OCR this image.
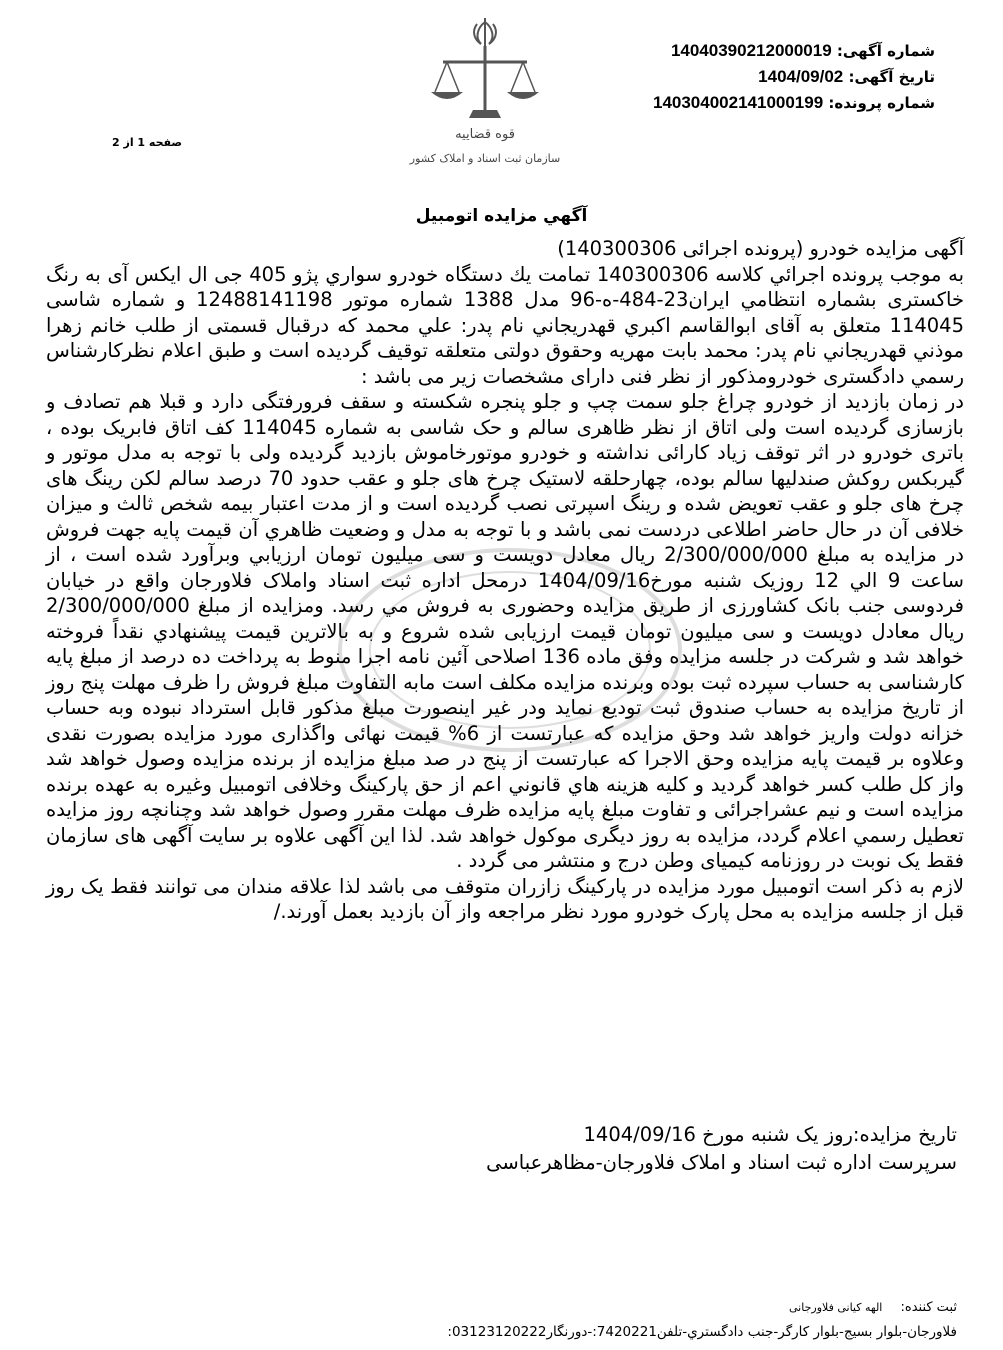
شماره آگهی: 14040390212000019
تاریخ آگهی: 1404/09/02
شماره پرونده: 140304002141000199
قوه قضاییه
سازمان ثبت اسناد و املاک کشور
صفحه 1 از 2
آگهي مزايده اتومبيل

آگهی مزايده خودرو (پرونده اجرائی 140300306)

به موجب پرونده اجرائي كلاسه 140300306 تمامت يك دستگاه خودرو سواري پژو 405 جی ال ایکس آی به رنگ خاکستری بشماره انتظامي ايران23-484-ه-96 مدل 1388 شماره موتور 12488141198 و شماره شاسی 114045 متعلق به آقای ابوالقاسم اكبري قهدريجاني نام پدر: علي محمد كه درقبال قسمتی از طلب خانم زهرا موذني قهدريجاني نام پدر: محمد بابت مهريه وحقوق دولتی متعلقه توقيف گرديده است و طبق اعلام نظركارشناس رسمي دادگستری خودرومذکور از نظر فنی دارای مشخصات زیر می باشد :

در زمان بازدید از خودرو چراغ جلو سمت چپ و جلو پنجره شکسته و سقف فرورفتگی دارد و قبلا هم تصادف و بازسازی گردیده است ولی اتاق از نظر ظاهری سالم و حک شاسی به شماره 114045 کف اتاق فابریک بوده ، باتری خودرو در اثر توقف زیاد کارائی نداشته و خودرو موتورخاموش بازدید گردیده ولی با توجه به مدل موتور و گیربکس روکش صندلیها سالم بوده، چهارحلقه لاستیک چرخ های جلو و عقب حدود 70 درصد سالم لکن رینگ های چرخ های جلو و عقب تعویض شده و رینگ اسپرتی نصب گردیده است و از مدت اعتبار بیمه شخص ثالث و میزان خلافی آن در حال حاضر اطلاعی دردست نمی باشد و با توجه به مدل و وضعيت ظاهري آن قيمت پايه جهت فروش در مزايده به مبلغ 2/300/000/000 ريال معادل دويست و سی میلیون تومان ارزيابي وبرآورد شده است ، از ساعت 9 الي 12 روزیک شنبه مورخ1404/09/16 درمحل اداره ثبت اسناد واملاک فلاورجان واقع در خیابان فردوسی جنب بانک کشاورزی از طريق مزايده وحضوری به فروش مي رسد. ومزايده از مبلغ 2/300/000/000 ريال معادل دويست و سی میلیون تومان قيمت ارزيابی شده شروع و به بالاترين قيمت پيشنهادي نقداً فروخته خواهد شد و شرکت در جلسه مزایده وفق ماده 136 اصلاحی آئین نامه اجرا منوط به پرداخت ده درصد از مبلغ پایه کارشناسی به حساب سپرده ثبت بوده وبرنده مزایده مکلف است مابه التفاوت مبلغ فروش را ظرف مهلت پنج روز از تاریخ مزایده به حساب صندوق ثبت تودیع نماید ودر غیر اینصورت مبلغ مذکور قابل استرداد نبوده وبه حساب خزانه دولت واریز خواهد شد وحق مزایده که عبارتست از 6% قیمت نهائی واگذاری مورد مزایده بصورت نقدی وعلاوه بر قیمت پایه مزایده وحق الاجرا که عبارتست از پنج در صد مبلغ مزايده از برنده مزايده وصول خواهد شد واز كل طلب كسر خواهد گرديد و كليه هزينه هاي قانوني اعم از حق پارکینگ وخلافی اتومبیل وغیره به عهده برنده مزايده است و نيم عشراجرائی و تفاوت مبلغ پایه مزایده ظرف مهلت مقرر وصول خواهد شد وچنانچه روز مزايده تعطيل رسمي اعلام گردد، مزايده به روز ديگری موكول خواهد شد. لذا این آگهی علاوه بر سایت آگهی های سازمان فقط یک نوبت در روزنامه کیمیای وطن درج و منتشر می گردد .

لازم به ذکر است اتومبیل مورد مزایده در پارکینگ زازران متوقف می باشد لذا علاقه مندان می توانند فقط یک روز قبل از جلسه مزایده به محل پارک خودرو مورد نظر مراجعه واز آن بازدید بعمل آورند./

تاریخ مزایده:روز یک شنبه مورخ 1404/09/16

سرپرست اداره ثبت اسناد و املاک فلاورجان-مظاهرعباسی

ثبت كننده: الهه کیانی فلاورجانی
فلاورجان-بلوار بسيج-بلوار كارگر-جنب دادگستري-تلفن7420221:-دورنگار03123120222:
